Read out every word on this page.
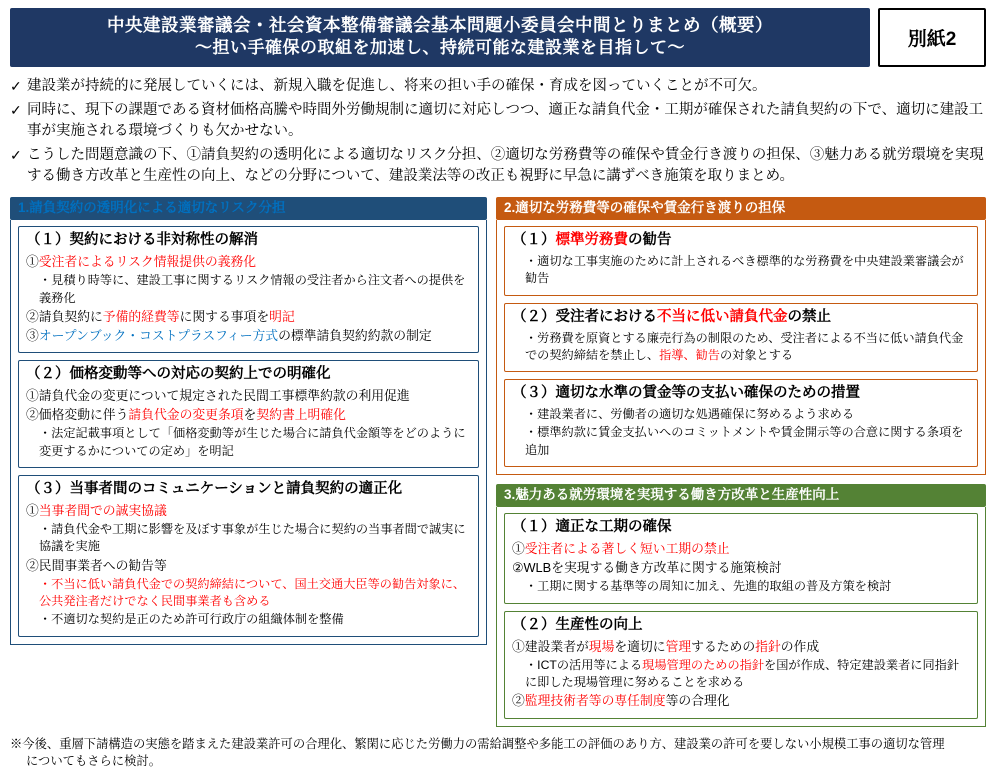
中央建設業審議会・社会資本整備審議会基本問題小委員会中間とりまとめ（概要）
〜担い手確保の取組を加速し、持続可能な建設業を目指して〜	別紙2
✓ 建設業が持続的に発展していくには、新規入職を促進し、将来の担い手の確保・育成を図っていくことが不可欠。
✓ 同時に、現下の課題である資材価格高騰や時間外労働規制に適切に対応しつつ、適正な請負代金・工期が確保された請負契約の下で、適切に建設工事が実施される環境づくりも欠かせない。
✓ こうした問題意識の下、①請負契約の透明化による適切なリスク分担、②適切な労務費等の確保や賃金行き渡りの担保、③魅力ある就労環境を実現する働き方改革と生産性の向上、などの分野について、建設業法等の改正も視野に早急に講ずべき施策を取りまとめ。
1.請負契約の透明化による適切なリスク分担
（１）契約における非対称性の解消
①受注者によるリスク情報提供の義務化
・見積り時等に、建設工事に関するリスク情報の受注者から注文者への提供を義務化
②請負契約に予備的経費等に関する事項を明記
③オープンブック・コストプラスフィー方式の標準請負契約約款の制定
（２）価格変動等への対応の契約上での明確化
①請負代金の変更について規定された民間工事標準約款の利用促進
②価格変動に伴う請負代金の変更条項を契約書上明確化
・法定記載事項として「価格変動等が生じた場合に請負代金額等をどのように変更するかについての定め」を明記
（３）当事者間のコミュニケーションと請負契約の適正化
①当事者間での誠実協議
・請負代金や工期に影響を及ぼす事象が生じた場合に契約の当事者間で誠実に協議を実施
②民間事業者への勧告等
・不当に低い請負代金での契約締結について、国土交通大臣等の勧告対象に、公共発注者だけでなく民間事業者も含める
・不適切な契約是正のため許可行政庁の組織体制を整備
2.適切な労務費等の確保や賃金行き渡りの担保
（１）標準労務費の勧告
・適切な工事実施のために計上されるべき標準的な労務費を中央建設業審議会が勧告
（２）受注者における不当に低い請負代金の禁止
・労務費を原資とする廉売行為の制限のため、受注者による不当に低い請負代金での契約締結を禁止し、指導、勧告の対象とする
（３）適切な水準の賃金等の支払い確保のための措置
・建設業者に、労働者の適切な処遇確保に努めるよう求める
・標準約款に賃金支払いへのコミットメントや賃金開示等の合意に関する条項を追加
3.魅力ある就労環境を実現する働き方改革と生産性向上
（１）適正な工期の確保
①受注者による著しく短い工期の禁止
②WLBを実現する働き方改革に関する施策検討
・工期に関する基準等の周知に加え、先進的取組の普及方策を検討
（２）生産性の向上
①建設業者が現場を適切に管理するための指針の作成
・ICTの活用等による現場管理のための指針を国が作成、特定建設業者に同指針に即した現場管理に努めることを求める
②監理技術者等の専任制度等の合理化
※今後、重層下請構造の実態を踏まえた建設業許可の合理化、繁閑に応じた労働力の需給調整や多能工の評価のあり方、建設業の許可を要しない小規模工事の適切な管理
についてもさらに検討。
